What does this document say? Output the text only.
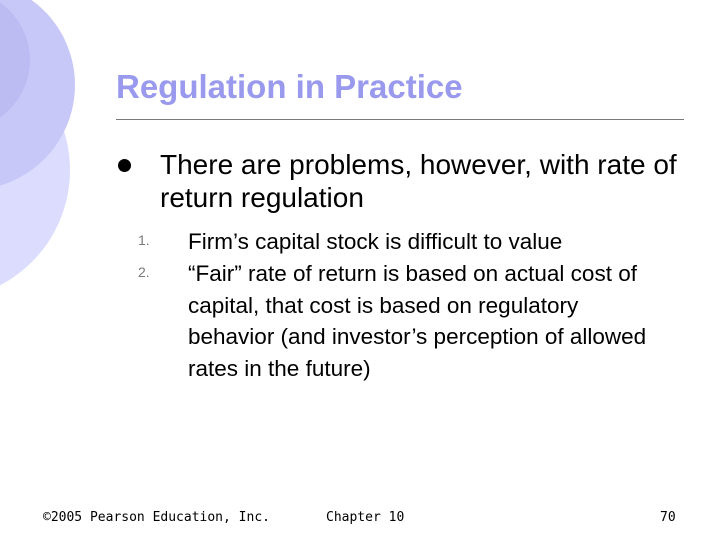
Regulation in Practice
There are problems, however, with rate of return regulation
1.	Firm’s capital stock is difficult to value
2.	“Fair” rate of return is based on actual cost of capital, that cost is based on regulatory behavior (and investor’s perception of allowed rates in the future)
©2005 Pearson Education, Inc.	Chapter 10	70
